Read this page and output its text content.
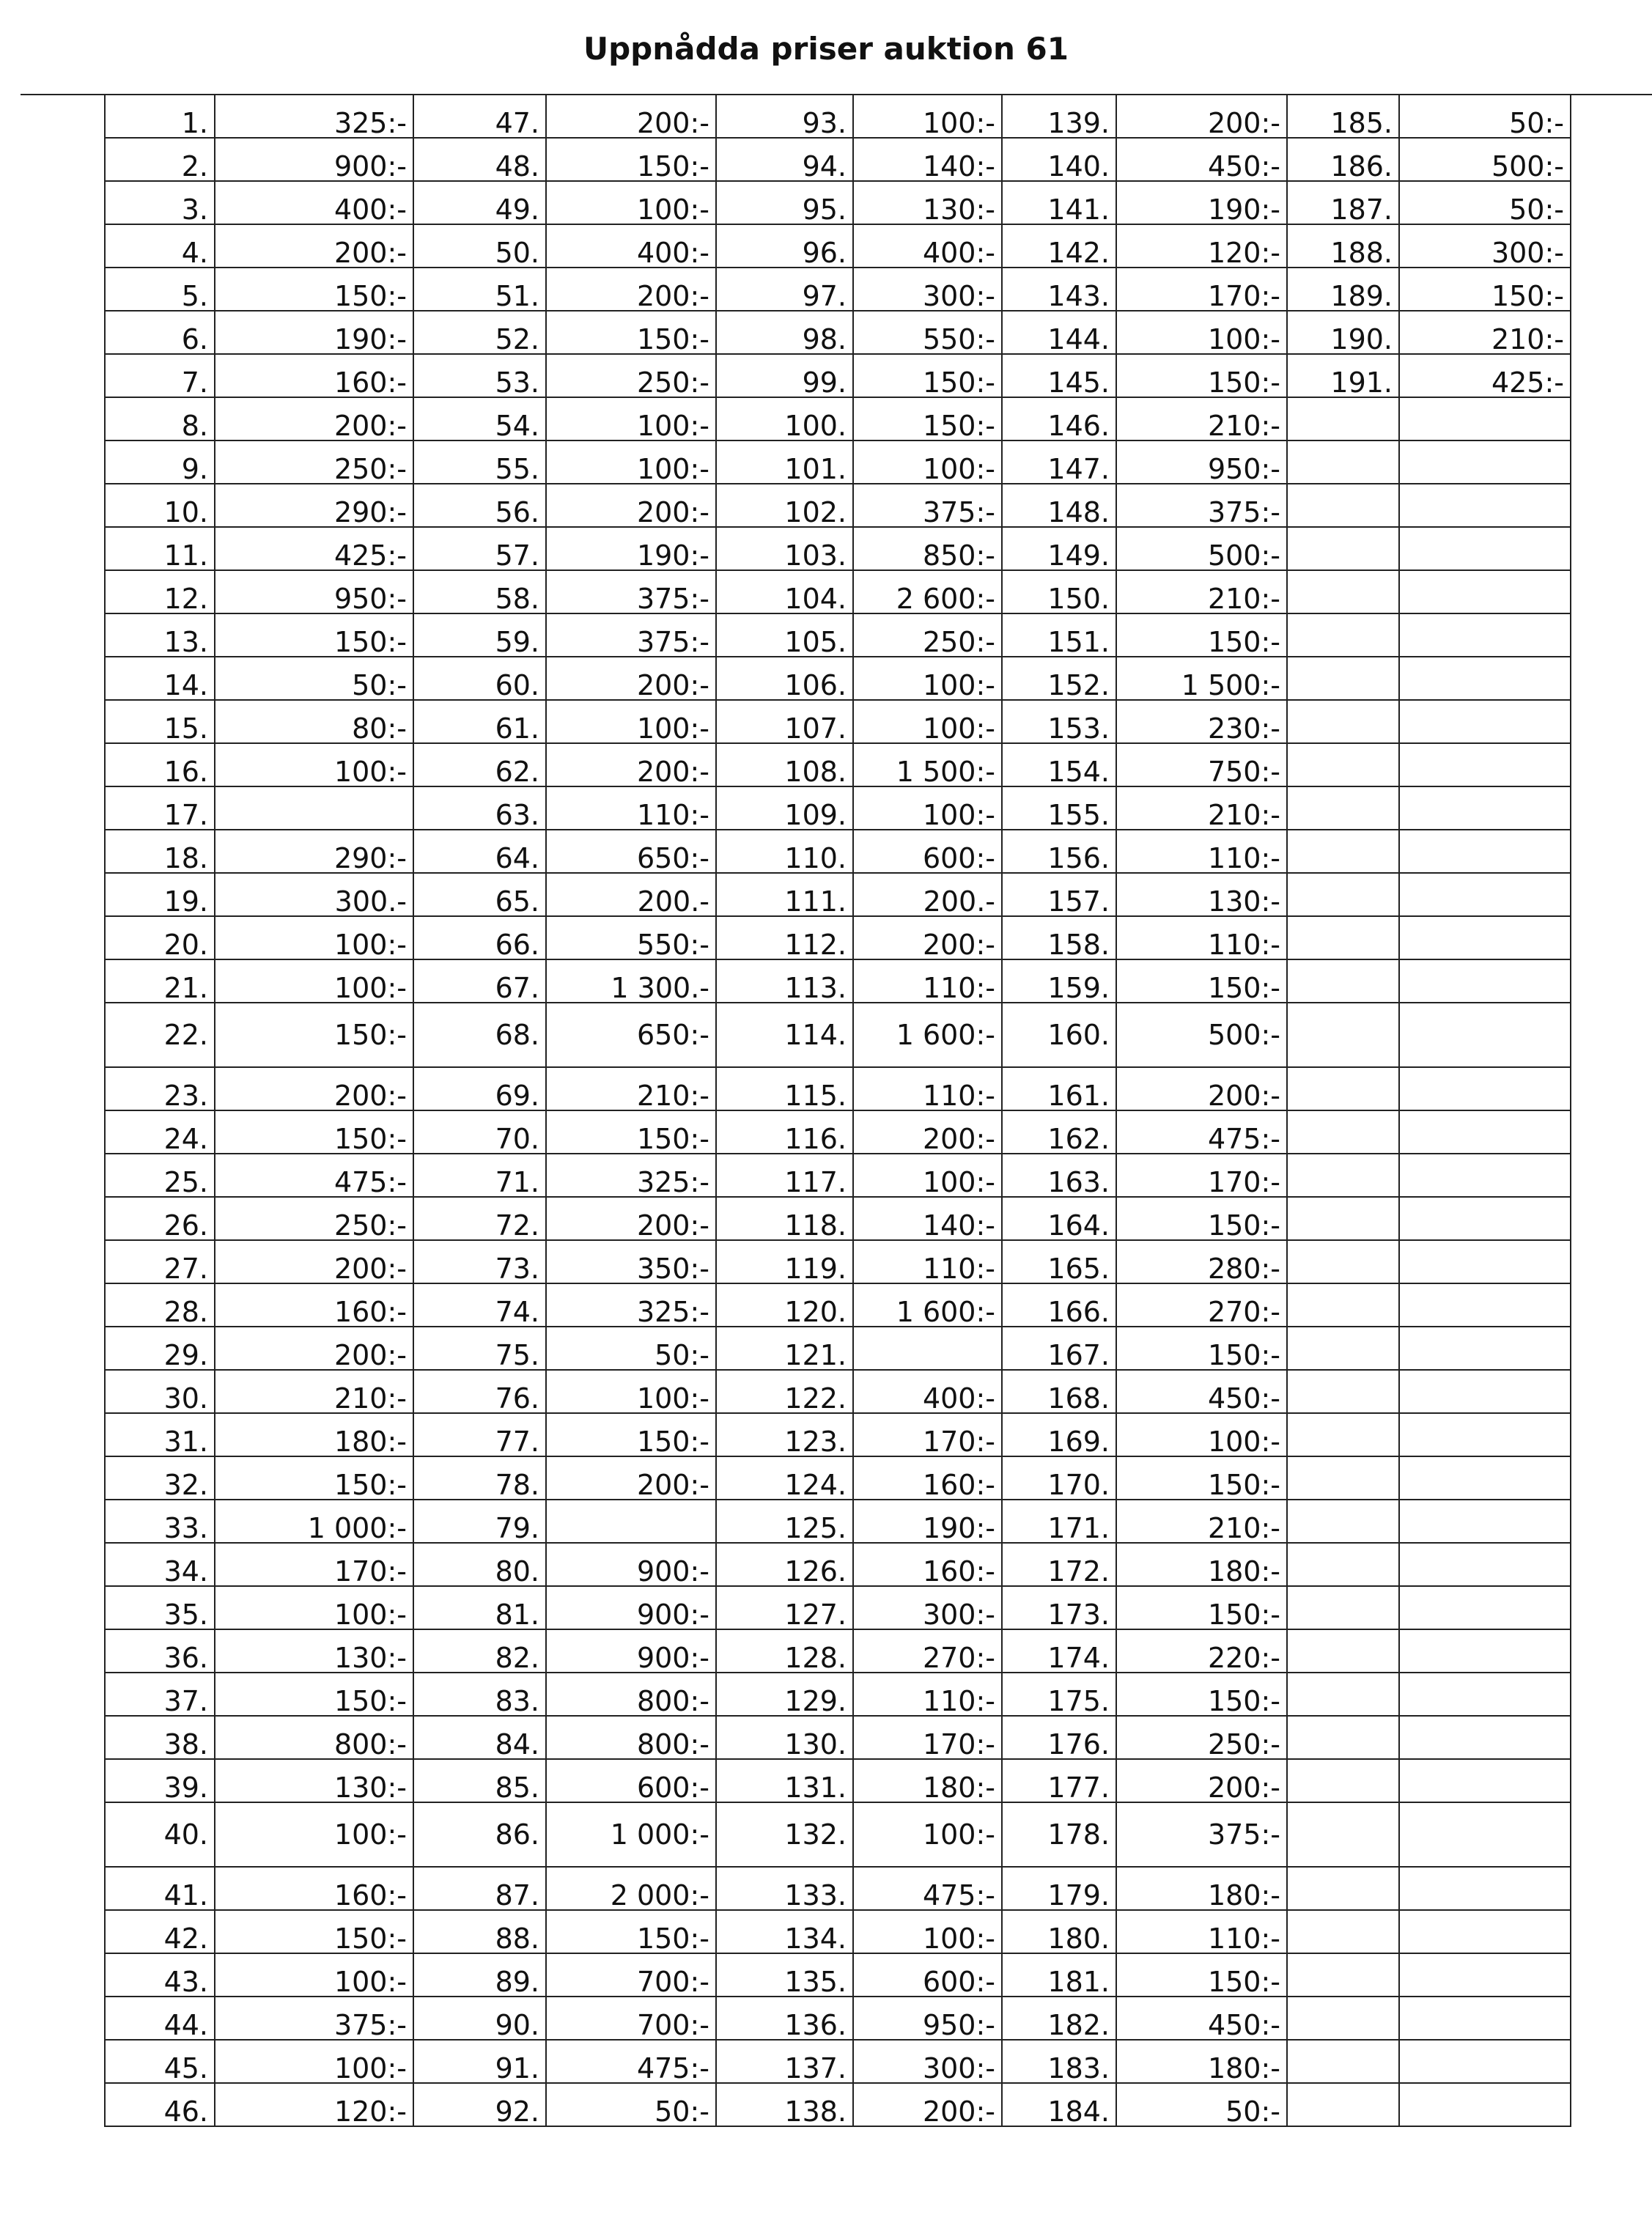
Uppnådda priser auktion 61
1.	325:-	47.	200:-	93.	100:-	139.	200:-	185.	50:-
2.	900:-	48.	150:-	94.	140:-	140.	450:-	186.	500:-
3.	400:-	49.	100:-	95.	130:-	141.	190:-	187.	50:-
4.	200:-	50.	400:-	96.	400:-	142.	120:-	188.	300:-
5.	150:-	51.	200:-	97.	300:-	143.	170:-	189.	150:-
6.	190:-	52.	150:-	98.	550:-	144.	100:-	190.	210:-
7.	160:-	53.	250:-	99.	150:-	145.	150:-	191.	425:-
8.	200:-	54.	100:-	100.	150:-	146.	210:-		
9.	250:-	55.	100:-	101.	100:-	147.	950:-		
10.	290:-	56.	200:-	102.	375:-	148.	375:-		
11.	425:-	57.	190:-	103.	850:-	149.	500:-		
12.	950:-	58.	375:-	104.	2 600:-	150.	210:-		
13.	150:-	59.	375:-	105.	250:-	151.	150:-		
14.	50:-	60.	200:-	106.	100:-	152.	1 500:-		
15.	80:-	61.	100:-	107.	100:-	153.	230:-		
16.	100:-	62.	200:-	108.	1 500:-	154.	750:-		
17.		63.	110:-	109.	100:-	155.	210:-		
18.	290:-	64.	650:-	110.	600:-	156.	110:-		
19.	300.-	65.	200.-	111.	200.-	157.	130:-		
20.	100:-	66.	550:-	112.	200:-	158.	110:-		
21.	100:-	67.	1 300.-	113.	110:-	159.	150:-		
22.	150:-	68.	650:-	114.	1 600:-	160.	500:-		
23.	200:-	69.	210:-	115.	110:-	161.	200:-		
24.	150:-	70.	150:-	116.	200:-	162.	475:-		
25.	475:-	71.	325:-	117.	100:-	163.	170:-		
26.	250:-	72.	200:-	118.	140:-	164.	150:-		
27.	200:-	73.	350:-	119.	110:-	165.	280:-		
28.	160:-	74.	325:-	120.	1 600:-	166.	270:-		
29.	200:-	75.	50:-	121.		167.	150:-		
30.	210:-	76.	100:-	122.	400:-	168.	450:-		
31.	180:-	77.	150:-	123.	170:-	169.	100:-		
32.	150:-	78.	200:-	124.	160:-	170.	150:-		
33.	1 000:-	79.		125.	190:-	171.	210:-		
34.	170:-	80.	900:-	126.	160:-	172.	180:-		
35.	100:-	81.	900:-	127.	300:-	173.	150:-		
36.	130:-	82.	900:-	128.	270:-	174.	220:-		
37.	150:-	83.	800:-	129.	110:-	175.	150:-		
38.	800:-	84.	800:-	130.	170:-	176.	250:-		
39.	130:-	85.	600:-	131.	180:-	177.	200:-		
40.	100:-	86.	1 000:-	132.	100:-	178.	375:-		
41.	160:-	87.	2 000:-	133.	475:-	179.	180:-		
42.	150:-	88.	150:-	134.	100:-	180.	110:-		
43.	100:-	89.	700:-	135.	600:-	181.	150:-		
44.	375:-	90.	700:-	136.	950:-	182.	450:-		
45.	100:-	91.	475:-	137.	300:-	183.	180:-		
46.	120:-	92.	50:-	138.	200:-	184.	50:-		
